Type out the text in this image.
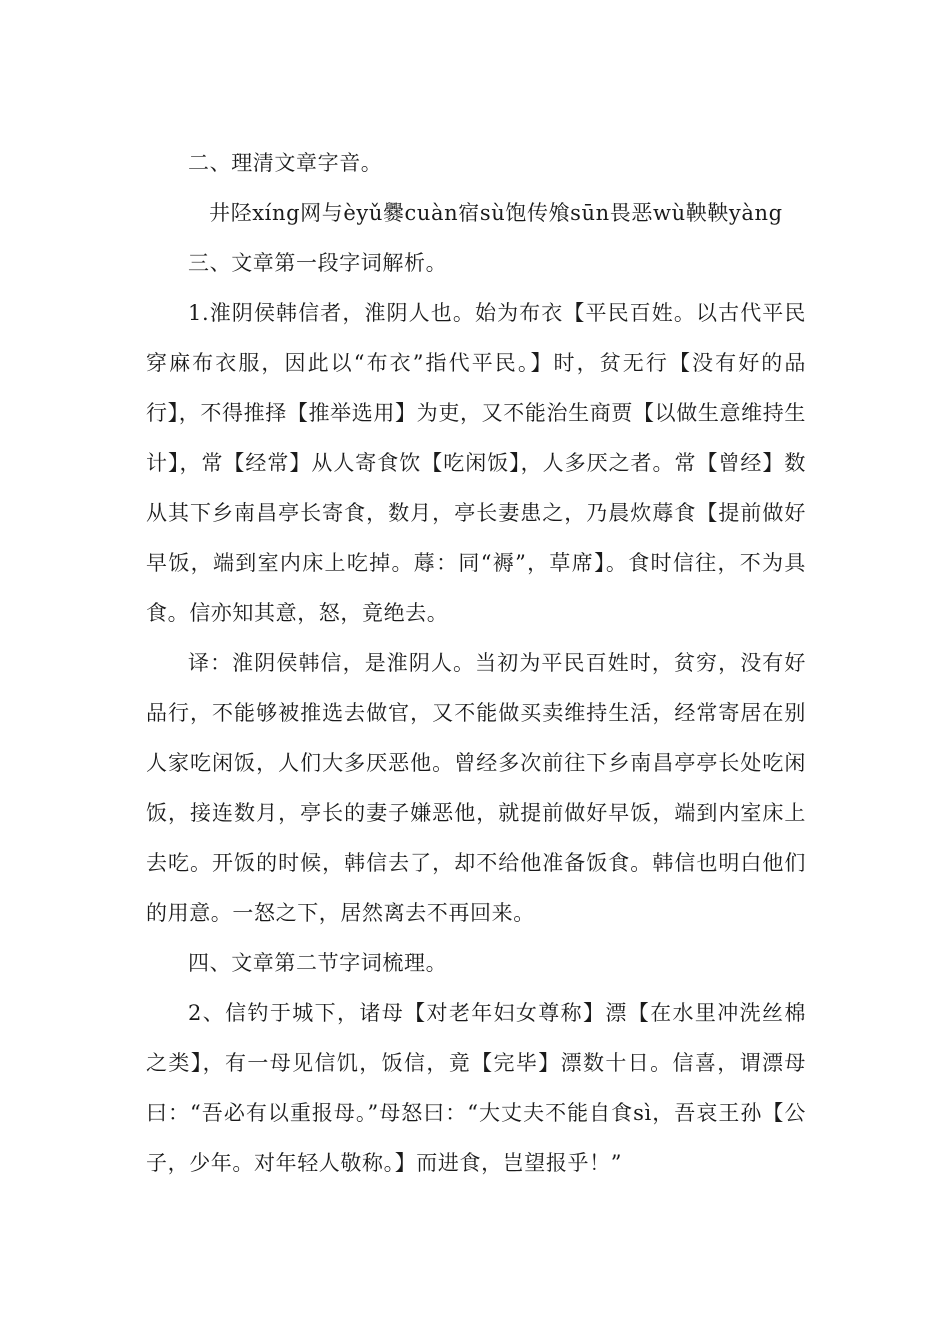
二、理清文章字音。

井陉xíng网与èyǔ爨cuàn宿sù饱传飧sūn畏恶wù鞅鞅yàng

三、文章第一段字词解析。

1.淮阴侯韩信者，淮阴人也。始为布衣【平民百姓。以古代平民穿麻布衣服，因此以“布衣”指代平民。】时，贫无行【没有好的品行】，不得推择【推举选用】为吏，又不能治生商贾【以做生意维持生计】，常【经常】从人寄食饮【吃闲饭】，人多厌之者。常【曾经】数从其下乡南昌亭长寄食，数月，亭长妻患之，乃晨炊蓐食【提前做好早饭，端到室内床上吃掉。蓐：同“褥”，草席】。食时信往，不为具食。信亦知其意，怒，竟绝去。

译：淮阴侯韩信，是淮阴人。当初为平民百姓时，贫穷，没有好品行，不能够被推选去做官，又不能做买卖维持生活，经常寄居在别人家吃闲饭，人们大多厌恶他。曾经多次前往下乡南昌亭亭长处吃闲饭，接连数月，亭长的妻子嫌恶他，就提前做好早饭，端到内室床上去吃。开饭的时候，韩信去了，却不给他准备饭食。韩信也明白他们的用意。一怒之下，居然离去不再回来。

四、文章第二节字词梳理。

2、信钓于城下，诸母【对老年妇女尊称】漂【在水里冲洗丝棉之类】，有一母见信饥，饭信，竟【完毕】漂数十日。信喜，谓漂母曰：“吾必有以重报母。”母怒曰：“大丈夫不能自食sì，吾哀王孙【公子，少年。对年轻人敬称。】而进食，岂望报乎！”
